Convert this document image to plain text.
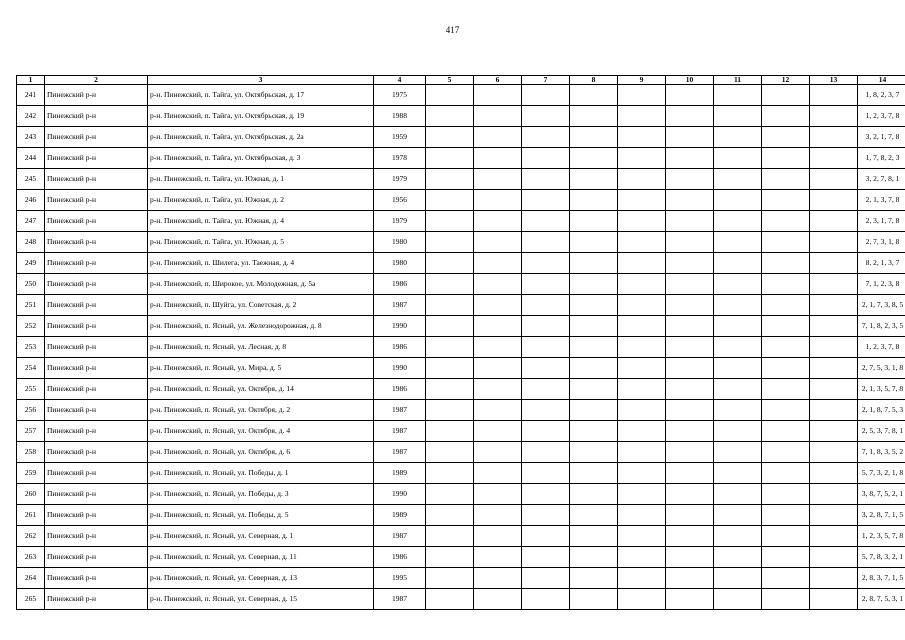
417
1	2	3	4	5	6	7	8	9	10	11	12	13	14
241	Пинежский р-н	р-н. Пинежский, п. Тайга, ул. Октябрьская, д. 17	1975										1, 8, 2, 3, 7
242	Пинежский р-н	р-н. Пинежский, п. Тайга, ул. Октябрьская, д. 19	1988										1, 2, 3, 7, 8
243	Пинежский р-н	р-н. Пинежский, п. Тайга, ул. Октябрьская, д. 2а	1959										3, 2, 1, 7, 8
244	Пинежский р-н	р-н. Пинежский, п. Тайга, ул. Октябрьская, д. 3	1978										1, 7, 8, 2, 3
245	Пинежский р-н	р-н. Пинежский, п. Тайга, ул. Южная, д. 1	1979										3, 2, 7, 8, 1
246	Пинежский р-н	р-н. Пинежский, п. Тайга, ул. Южная, д. 2	1956										2, 1, 3, 7, 8
247	Пинежский р-н	р-н. Пинежский, п. Тайга, ул. Южная, д. 4	1979										2, 3, 1, 7, 8
248	Пинежский р-н	р-н. Пинежский, п. Тайга, ул. Южная, д. 5	1980										2, 7, 3, 1, 8
249	Пинежский р-н	р-н. Пинежский, п. Шилега, ул. Таежная, д. 4	1980										8, 2, 1, 3, 7
250	Пинежский р-н	р-н. Пинежский, п. Широкое, ул. Молодежная, д. 5а	1986										7, 1, 2, 3, 8
251	Пинежский р-н	р-н. Пинежский, п. Шуйга, ул. Советская, д. 2	1987										2, 1, 7, 3, 8, 5
252	Пинежский р-н	р-н. Пинежский, п. Ясный, ул. Железнодорожная, д. 8	1990										7, 1, 8, 2, 3, 5
253	Пинежский р-н	р-н. Пинежский, п. Ясный, ул. Лесная, д. 8	1986										1, 2, 3, 7, 8
254	Пинежский р-н	р-н. Пинежский, п. Ясный, ул. Мира, д. 5	1990										2, 7, 5, 3, 1, 8
255	Пинежский р-н	р-н. Пинежский, п. Ясный, ул. Октября, д. 14	1986										2, 1, 3, 5, 7, 8
256	Пинежский р-н	р-н. Пинежский, п. Ясный, ул. Октября, д. 2	1987										2, 1, 8, 7, 5, 3
257	Пинежский р-н	р-н. Пинежский, п. Ясный, ул. Октября, д. 4	1987										2, 5, 3, 7, 8, 1
258	Пинежский р-н	р-н. Пинежский, п. Ясный, ул. Октября, д. 6	1987										7, 1, 8, 3, 5, 2
259	Пинежский р-н	р-н. Пинежский, п. Ясный, ул. Победы, д. 1	1989										5, 7, 3, 2, 1, 8
260	Пинежский р-н	р-н. Пинежский, п. Ясный, ул. Победы, д. 3	1990										3, 8, 7, 5, 2, 1
261	Пинежский р-н	р-н. Пинежский, п. Ясный, ул. Победы, д. 5	1989										3, 2, 8, 7, 1, 5
262	Пинежский р-н	р-н. Пинежский, п. Ясный, ул. Северная, д. 1	1987										1, 2, 3, 5, 7, 8
263	Пинежский р-н	р-н. Пинежский, п. Ясный, ул. Северная, д. 11	1986										5, 7, 8, 3, 2, 1
264	Пинежский р-н	р-н. Пинежский, п. Ясный, ул. Северная, д. 13	1995										2, 8, 3, 7, 1, 5
265	Пинежский р-н	р-н. Пинежский, п. Ясный, ул. Северная, д. 15	1987										2, 8, 7, 5, 3, 1
